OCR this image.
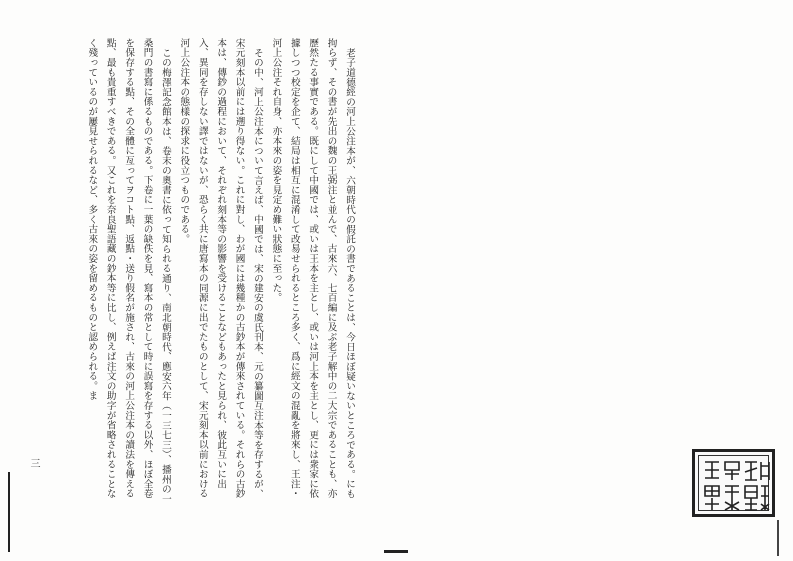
老子道德經の河上公注本が、六朝時代の假託の書であることは、今日ほぼ疑いないところである。にも拘らず、その書が先出の魏の王弼注と並んで、古來六、七百編に及ぶ老子解中の二大宗であることも、亦歷然たる事實である。既にして中國では、或いは王本を主とし、或いは河上本を主とし、更には衆家に依據しつつ校定を企て、結局は相互に混淆して改易せられるところ多く、爲に經文の混亂を將來し、王注・河上公注それ自身、亦本來の姿を見定め難い狀態に至った。

その中、河上公注本について言えば、中國では、宋の建安の虞氏刊本、元の纂圖互注本等を存するが、宋元刻本以前には遡り得ない。これに對し、わが國には幾種かの古鈔本が傳來されている。それらの古鈔本は、傳鈔の過程において、それぞれ刻本等の影響を受けることなどもあったと見られ、彼此互いに出入、異同を存しない譯ではないが、恐らく共に唐寫本の同源に出でたものとして、宋元刻本以前における河上公注本の態樣の探求に役立つものである。

この梅澤記念館本は、卷末の奧書に依って知られる通り、南北朝時代、應安六年（一三七三）、播州の一桑門の書寫に係るものである。下卷に一葉の缺佚を見、寫本の常として時に誤寫を存する以外、ほぼ全卷を保存する點、その全體に亙ってヲコト點、返點・送り假名が施され、古來の河上公注本の讀法を傳える點、最も貴重すべきである。又これを奈良聖語藏の鈔本等に比し、例えば注文の助字が省略されることなく殘っているのが屢見せられるなど、多く古來の姿を留めるものと認められる。ま

三
